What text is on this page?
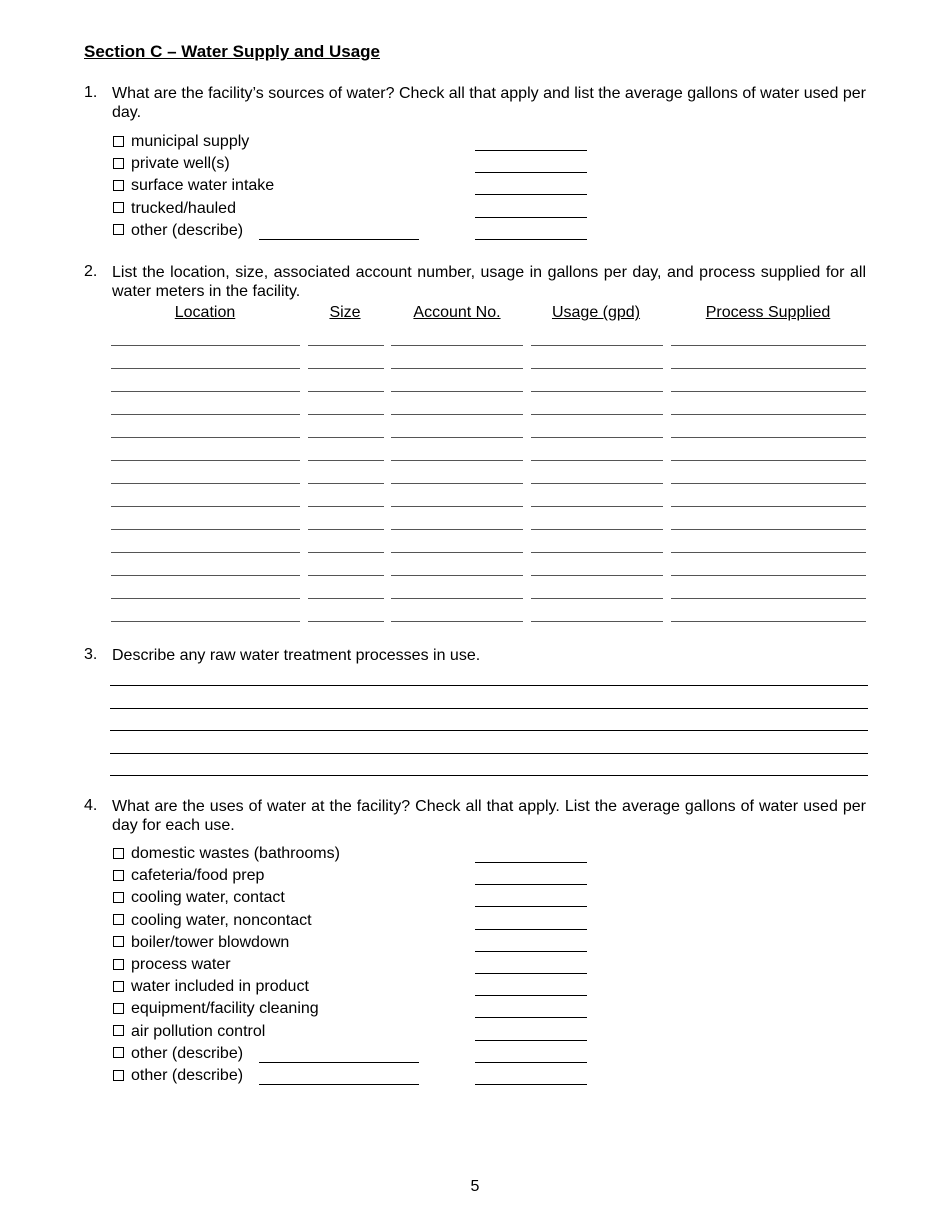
Section C – Water Supply and Usage
1. What are the facility’s sources of water? Check all that apply and list the average gallons of water used per day.
municipal supply
private well(s)
surface water intake
trucked/hauled
other (describe)
2. List the location, size, associated account number, usage in gallons per day, and process supplied for all water meters in the facility.
Location	Size	Account No.	Usage (gpd)	Process Supplied
3. Describe any raw water treatment processes in use.
4. What are the uses of water at the facility? Check all that apply. List the average gallons of water used per day for each use.
domestic wastes (bathrooms)
cafeteria/food prep
cooling water, contact
cooling water, noncontact
boiler/tower blowdown
process water
water included in product
equipment/facility cleaning
air pollution control
other (describe)
other (describe)
5
